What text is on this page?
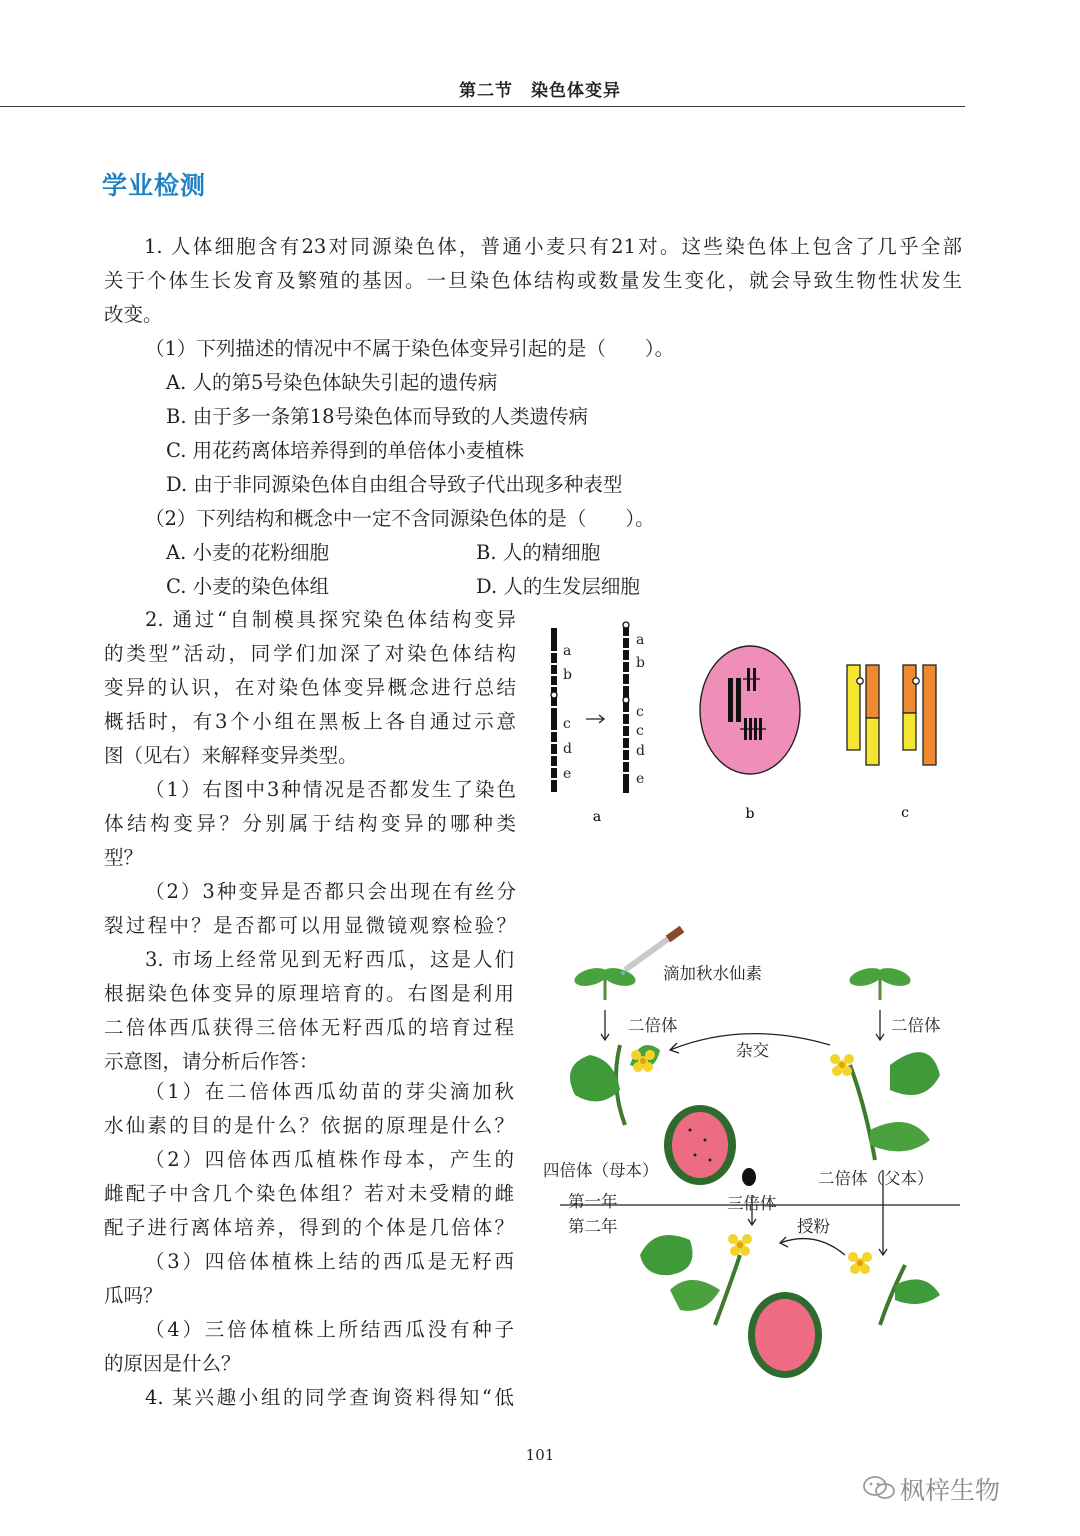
第二节　染色体变异
学业检测
1. 人体细胞含有23对同源染色体，普通小麦只有21对。这些染色体上包含了几乎全部
关于个体生长发育及繁殖的基因。一旦染色体结构或数量发生变化，就会导致生物性状发生
改变。
（1）下列描述的情况中不属于染色体变异引起的是（　　）。
A. 人的第5号染色体缺失引起的遗传病
B. 由于多一条第18号染色体而导致的人类遗传病
C. 用花药离体培养得到的单倍体小麦植株
D. 由于非同源染色体自由组合导致子代出现多种表型
（2）下列结构和概念中一定不含同源染色体的是（　　）。
A. 小麦的花粉细胞	B. 人的精细胞
C. 小麦的染色体组	D. 人的生发层细胞
2. 通过“自制模具探究染色体结构变异
的类型”活动，同学们加深了对染色体结构
变异的认识，在对染色体变异概念进行总结
概括时，有3个小组在黑板上各自通过示意
图（见右）来解释变异类型。
（1）右图中3种情况是否都发生了染色
体结构变异？分别属于结构变异的哪种类
型？
（2）3种变异是否都只会出现在有丝分
裂过程中？是否都可以用显微镜观察检验？
3. 市场上经常见到无籽西瓜，这是人们
根据染色体变异的原理培育的。右图是利用
二倍体西瓜获得三倍体无籽西瓜的培育过程
示意图，请分析后作答：
（1）在二倍体西瓜幼苗的芽尖滴加秋
水仙素的目的是什么？依据的原理是什么？
（2）四倍体西瓜植株作母本，产生的
雌配子中含几个染色体组？若对未受精的雌
配子进行离体培养，得到的个体是几倍体？
（3）四倍体植株上结的西瓜是无籽西
瓜吗？
（4）三倍体植株上所结西瓜没有种子
的原因是什么？
4. 某兴趣小组的同学查询资料得知“低
a	b	c
a
b
c
d
e
a
b
c
c
d
e
滴加秋水仙素
二倍体	二倍体
杂交
四倍体（母本）	二倍体（父本）
第一年
第二年
三倍体
授粉
101
枫梓生物
